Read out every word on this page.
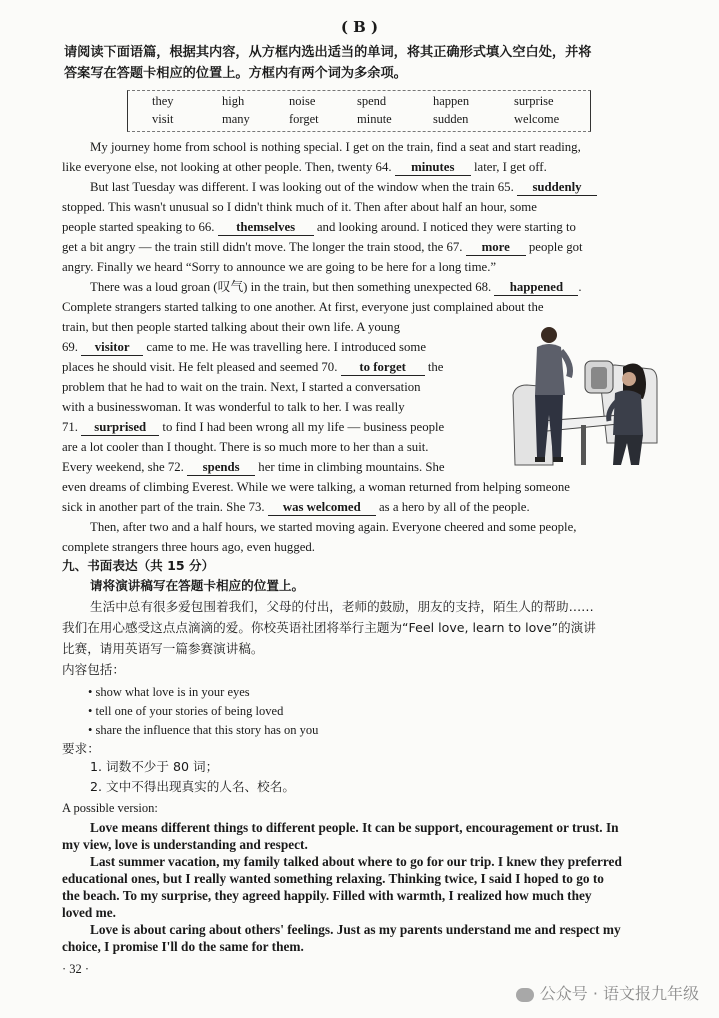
( B )
请阅读下面语篇，根据其内容，从方框内选出适当的单词，将其正确形式填入空白处，并将
答案写在答题卡相应的位置上。方框内有两个词为多余项。
they	high	noise	spend	happen	surprise
visit	many	forget	minute	sudden	welcome
My journey home from school is nothing special. I get on the train, find a seat and start reading,
like everyone else, not looking at other people. Then, twenty 64. minutes later, I get off.
But last Tuesday was different. I was looking out of the window when the train 65. suddenly
stopped. This wasn't unusual so I didn't think much of it. Then after about half an hour, some
people started speaking to 66. themselves and looking around. I noticed they were starting to
get a bit angry — the train still didn't move. The longer the train stood, the 67. more people got
angry. Finally we heard “Sorry to announce we are going to be here for a long time.”
There was a loud groan (叹气) in the train, but then something unexpected 68. happened .
Complete strangers started talking to one another. At first, everyone just complained about the
train, but then people started talking about their own life. A young
69. visitor came to me. He was travelling here. I introduced some
places he should visit. He felt pleased and seemed 70. to forget the
problem that he had to wait on the train. Next, I started a conversation
with a businesswoman. It was wonderful to talk to her. I was really
71. surprised to find I had been wrong all my life — business people
are a lot cooler than I thought. There is so much more to her than a suit.
Every weekend, she 72. spends her time in climbing mountains. She
even dreams of climbing Everest. While we were talking, a woman returned from helping someone
sick in another part of the train. She 73. was welcomed as a hero by all of the people.
Then, after two and a half hours, we started moving again. Everyone cheered and some people,
complete strangers three hours ago, even hugged.
九、书面表达（共 15 分）
请将演讲稿写在答题卡相应的位置上。
生活中总有很多爱包围着我们，父母的付出，老师的鼓励，朋友的支持，陌生人的帮助……
我们在用心感受这点点滴滴的爱。你校英语社团将举行主题为“Feel love, learn to love”的演讲
比赛，请用英语写一篇参赛演讲稿。
内容包括：
• show what love is in your eyes
• tell one of your stories of being loved
• share the influence that this story has on you
要求：
1. 词数不少于 80 词；
2. 文中不得出现真实的人名、校名。
A possible version:
Love means different things to different people. It can be support, encouragement or trust. In
my view, love is understanding and respect.
Last summer vacation, my family talked about where to go for our trip. I knew they preferred
educational ones, but I really wanted something relaxing. Thinking twice, I said I hoped to go to
the beach. To my surprise, they agreed happily. Filled with warmth, I realized how much they
loved me.
Love is about caring about others' feelings. Just as my parents understand me and respect my
choice, I promise I'll do the same for them.
· 32 ·
公众号 · 语文报九年级
